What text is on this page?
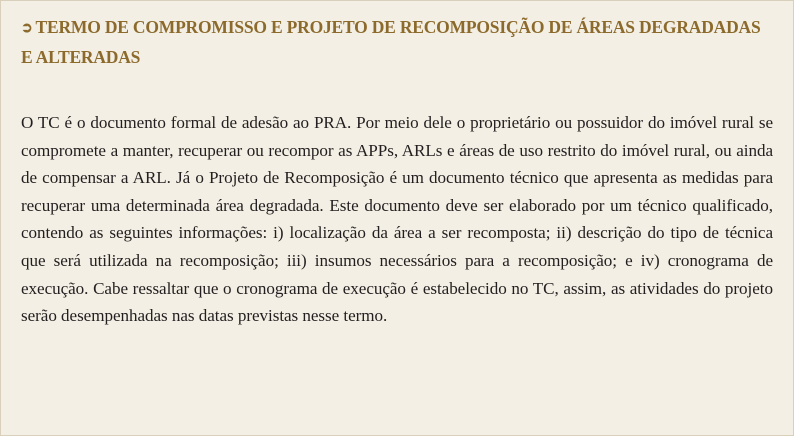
➲ TERMO DE COMPROMISSO E PROJETO DE RECOMPOSIÇÃO DE ÁREAS DEGRADADAS E ALTERADAS

O TC é o documento formal de adesão ao PRA. Por meio dele o proprietário ou possuidor do imóvel rural se compromete a manter, recuperar ou recompor as APPs, ARLs e áreas de uso restrito do imóvel rural, ou ainda de compensar a ARL. Já o Projeto de Recomposição é um documento técnico que apresenta as medidas para recuperar uma determinada área degradada. Este documento deve ser elaborado por um técnico qualificado, contendo as seguintes informações: i) localização da área a ser recomposta; ii) descrição do tipo de técnica que será utilizada na recomposição; iii) insumos necessários para a recomposição; e iv) cronograma de execução. Cabe ressaltar que o cronograma de execução é estabelecido no TC, assim, as atividades do projeto serão desempenhadas nas datas previstas nesse termo.
